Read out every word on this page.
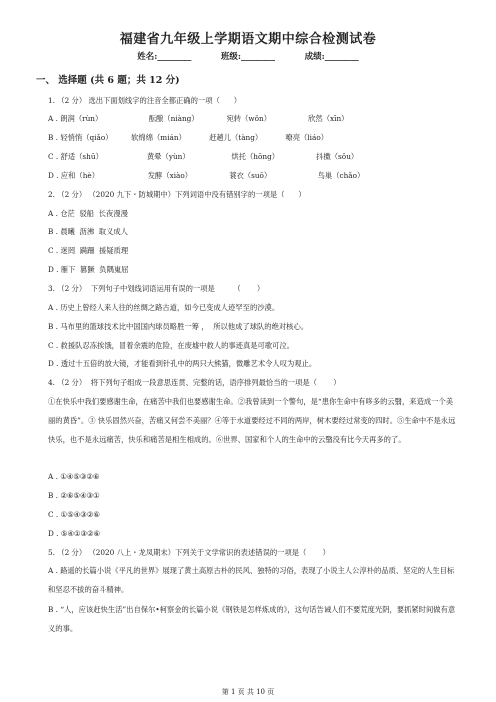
福建省九年级上学期语文期中综合检测试卷
姓名:________          班级:________          成绩:________
一、 选择题 (共 6 题；共 12 分)
1. （2 分） 选出下面划线字的注音全都正确的一项（      ）
A . 朗润（rùn）                    酝酿（niàng）            宛转（wǒn）                欣然（xīn）
B . 轻悄悄（qiǎo）        软绵绵（mián）          赶趟儿（tàng）          嘹亮（liáo）
C . 舒适（shū）                   黄晕（yùn）                  烘托（hōng）                抖擞（sǒu）
D . 应和（hè）                     发酵（xiào）                蓑衣（suō）                    鸟巢（chǎo）
2. （2 分） （2020 九下・防城期中）下列词语中没有错别字的一项是（      ）
A . 仓茫  驳船  长夜漫漫
B . 晨曦  沥沸  取义成人
C . 迷罔  蹒跚  援疑质理
D . 雁下  篡獗  负隅嵬屈
3. （2 分）  下列句子中划线词语运用有误的一项是        （       ）
A . 历史上曾经人来人往的丝绸之路古道，如今已变成人迹罕至的沙漠。
B . 马布里的篮球技术比中国国内球员略胜一筹 ，  所以他成了球队的绝对核心。
C . 救援队忍冻挨饿，冒着余震的危险，在废墟中救人的事迹真是可歌可泣。
D . 透过十五倍的放大镜，才能看到针孔中的两只大熊猫，微雕艺术令人叹为观止。
4. （2 分）  将下列句子组成一段意思连贯、完整的话，语序排列最恰当的一项是（       ）
①在快乐中我们要感谢生命，在痛苦中我们也要感谢生命。②我曾读到一个警句，是“患你生命中有哆多的云翳，来造成一个美丽的黄昏”。③ 快乐固然兴奋，苦痛又何尝不美丽？④等于水道要经过不同的两岸，树木要经过常变的四时。⑤生命中不是永远快乐，也不是永远痛苦，快乐和痛苦是相生相成的。⑥世界、国家和个人的生命中的云翳没有比今天再多的了。
A . ①④⑤③②⑥
B . ②⑥⑤④③①
C . ①⑤④③②⑥
D . ⑤④①③②⑥
5. （2 分） （2020 八上・龙凤期末）下列关于文学常识的表述错误的一项是（       ）
A . 路遥的长篇小说《平凡的世界》展现了黄土高原古朴的民风、独特的习俗，表现了小说主人公淳朴的品质、坚定的人生目标和坚忍不拔的奋斗精神。
B . “人，应该赶快生活”出自保尔•柯察金的长篇小说《钢铁是怎样炼成的》，这句话告诫人们不要荒度光阴，要抓紧时间做有意义的事。
第 1 页 共 10 页
